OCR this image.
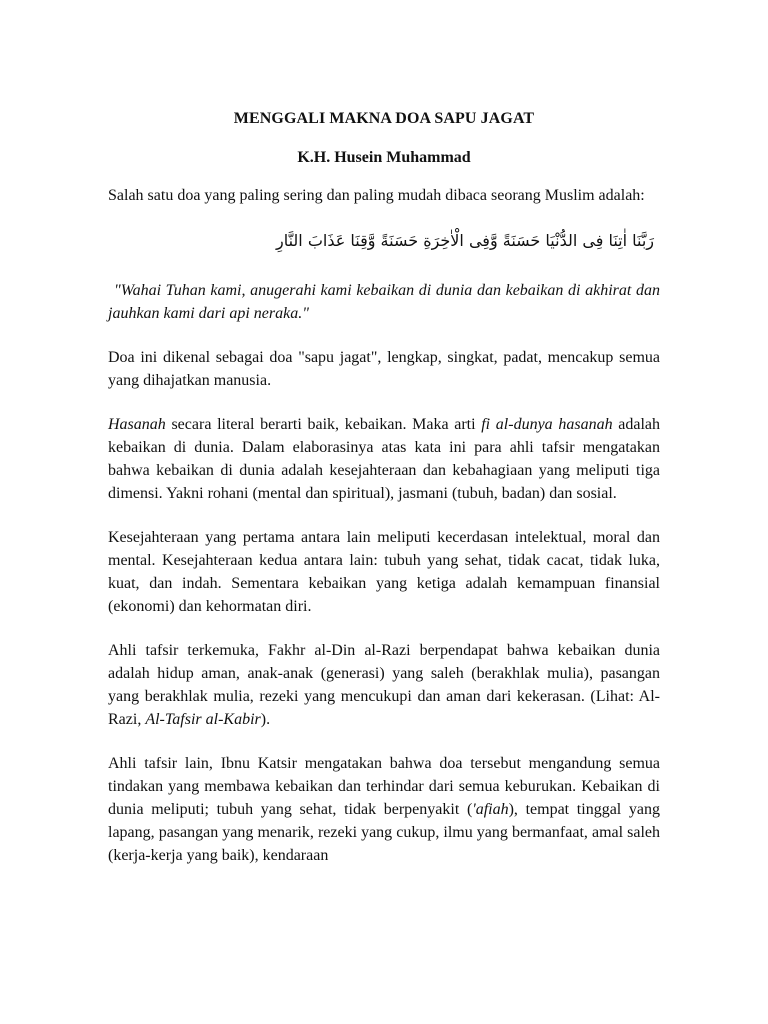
MENGGALI MAKNA DOA SAPU JAGAT
K.H. Husein Muhammad

Salah satu doa yang paling sering dan paling mudah dibaca seorang Muslim adalah:

رَبَّنَا اٰتِنَا فِى الدُّنْيَا حَسَنَةً وَّفِى الْاٰخِرَةِ حَسَنَةً وَّقِنَا عَذَابَ النَّارِ

"Wahai Tuhan kami, anugerahi kami kebaikan di dunia dan kebaikan di akhirat dan jauhkan kami dari api neraka."

Doa ini dikenal sebagai doa "sapu jagat", lengkap, singkat, padat, mencakup semua yang dihajatkan manusia.

Hasanah secara literal berarti baik, kebaikan. Maka arti fi al-dunya hasanah adalah kebaikan di dunia. Dalam elaborasinya atas kata ini para ahli tafsir mengatakan bahwa kebaikan di dunia adalah kesejahteraan dan kebahagiaan yang meliputi tiga dimensi. Yakni rohani (mental dan spiritual), jasmani (tubuh, badan) dan sosial.

Kesejahteraan yang pertama antara lain meliputi kecerdasan intelektual, moral dan mental. Kesejahteraan kedua antara lain: tubuh yang sehat, tidak cacat, tidak luka, kuat, dan indah. Sementara kebaikan yang ketiga adalah kemampuan finansial (ekonomi) dan kehormatan diri.

Ahli tafsir terkemuka, Fakhr al-Din al-Razi berpendapat bahwa kebaikan dunia adalah hidup aman, anak-anak (generasi) yang saleh (berakhlak mulia), pasangan yang berakhlak mulia, rezeki yang mencukupi dan aman dari kekerasan. (Lihat: Al-Razi, Al-Tafsir al-Kabir).

Ahli tafsir lain, Ibnu Katsir mengatakan bahwa doa tersebut mengandung semua tindakan yang membawa kebaikan dan terhindar dari semua keburukan. Kebaikan di dunia meliputi; tubuh yang sehat, tidak berpenyakit ('afiah), tempat tinggal yang lapang, pasangan yang menarik, rezeki yang cukup, ilmu yang bermanfaat, amal saleh (kerja-kerja yang baik), kendaraan
